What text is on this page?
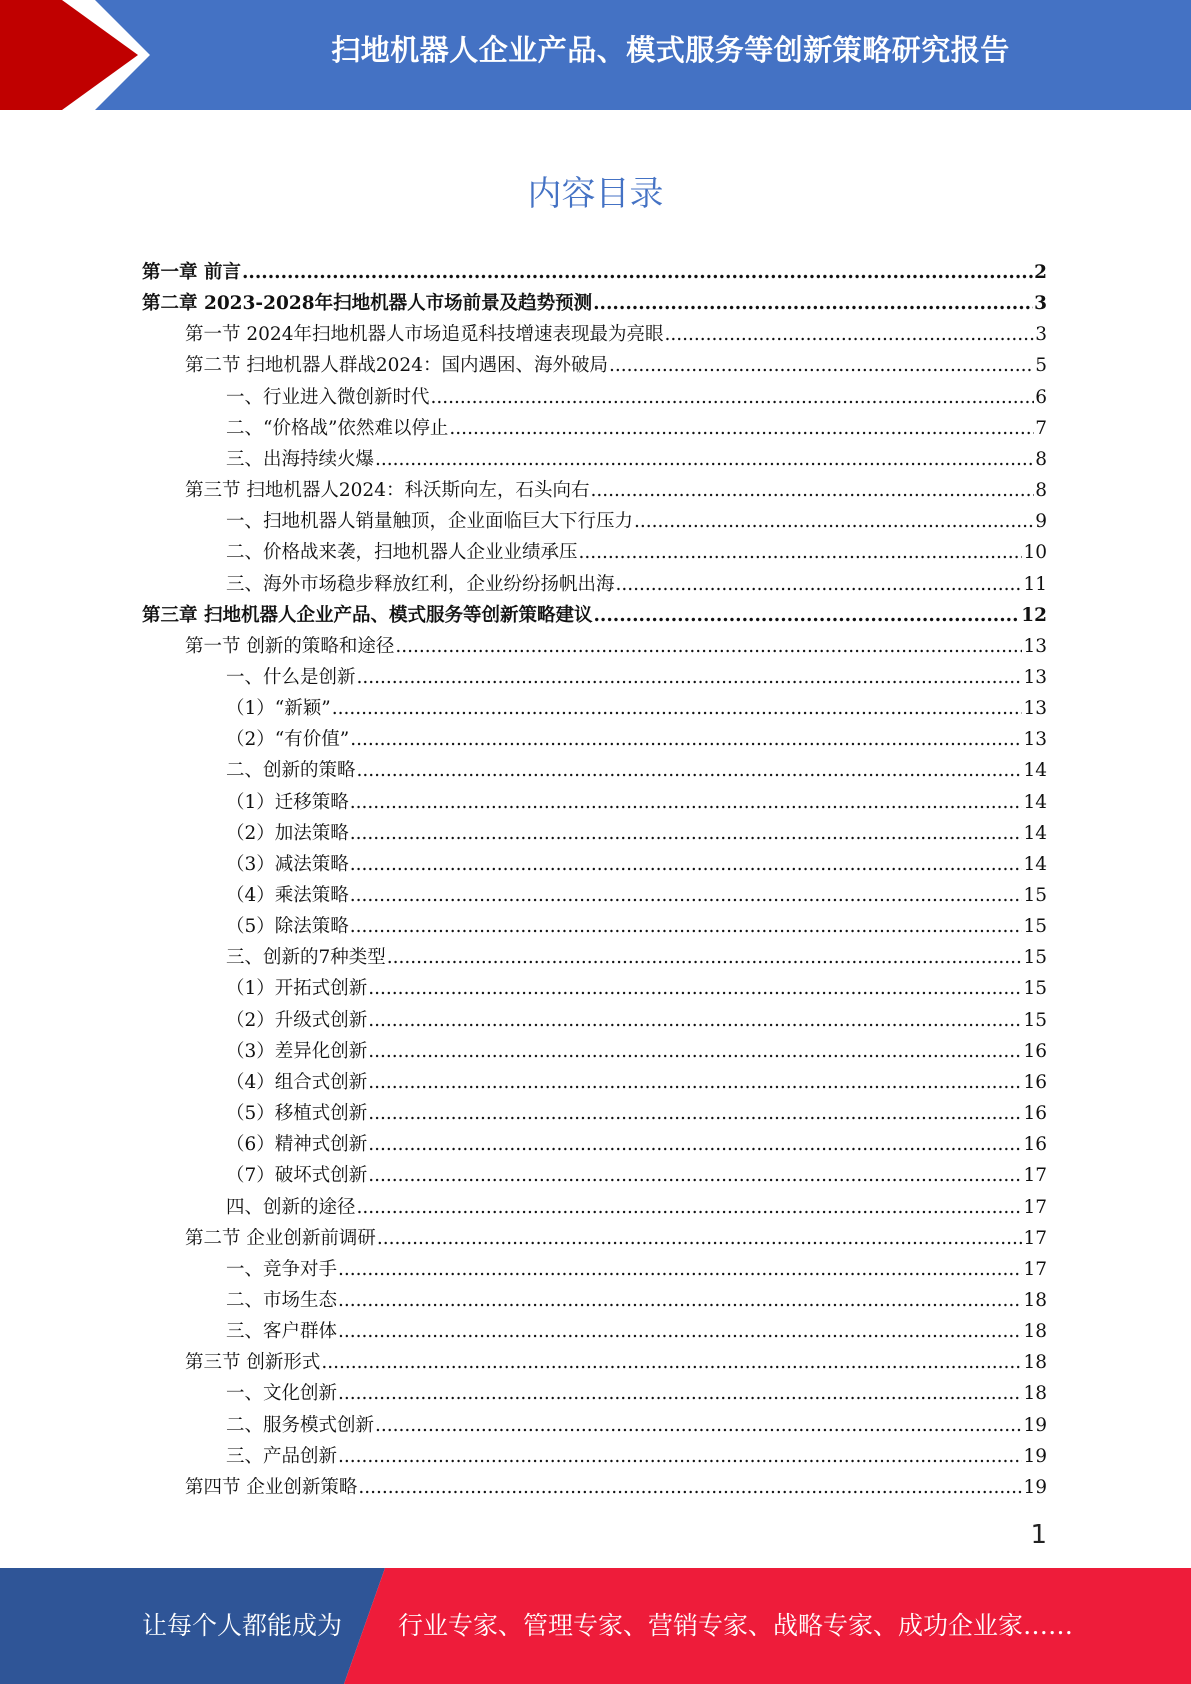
扫地机器人企业产品、模式服务等创新策略研究报告
内容目录
第一章 前言 .....	2
第二章 2023-2028年扫地机器人市场前景及趋势预测 .....	3
第一节 2024年扫地机器人市场追觅科技增速表现最为亮眼 .....	3
第二节 扫地机器人群战2024：国内遇困、海外破局 .....	5
一、行业进入微创新时代 .....	6
二、“价格战”依然难以停止 .....	7
三、出海持续火爆 .....	8
第三节 扫地机器人2024：科沃斯向左，石头向右 .....	8
一、扫地机器人销量触顶，企业面临巨大下行压力 .....	9
二、价格战来袭，扫地机器人企业业绩承压 .....	10
三、海外市场稳步释放红利，企业纷纷扬帆出海 .....	11
第三章 扫地机器人企业产品、模式服务等创新策略建议 .....	12
第一节 创新的策略和途径 .....	13
一、什么是创新 .....	13
（1）“新颖” .....	13
（2）“有价值” .....	13
二、创新的策略 .....	14
（1）迁移策略 .....	14
（2）加法策略 .....	14
（3）减法策略 .....	14
（4）乘法策略 .....	15
（5）除法策略 .....	15
三、创新的7种类型 .....	15
（1）开拓式创新 .....	15
（2）升级式创新 .....	15
（3）差异化创新 .....	16
（4）组合式创新 .....	16
（5）移植式创新 .....	16
（6）精神式创新 .....	16
（7）破坏式创新 .....	17
四、创新的途径 .....	17
第二节 企业创新前调研 .....	17
一、竞争对手 .....	17
二、市场生态 .....	18
三、客户群体 .....	18
第三节 创新形式 .....	18
一、文化创新 .....	18
二、服务模式创新 .....	19
三、产品创新 .....	19
第四节 企业创新策略 .....	19
1
让每个人都能成为 行业专家、管理专家、营销专家、战略专家、成功企业家……
